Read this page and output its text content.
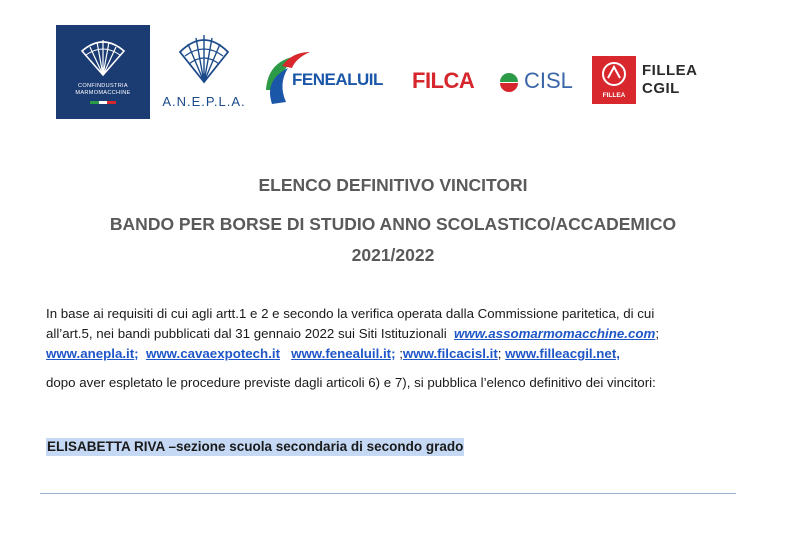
CONFINDUSTRIA
MARMOMACCHINE
A.N.E.P.L.A.
FENEALUIL FILCA CISL
FILLEA
FILLEA
CGIL
ELENCO DEFINITIVO VINCITORI
BANDO PER BORSE DI STUDIO ANNO SCOLASTICO/ACCADEMICO
2021/2022
In base ai requisiti di cui agli artt.1 e 2 e secondo la verifica operata dalla Commissione paritetica, di cui
all’art.5, nei bandi pubblicati dal 31 gennaio 2022 sui Siti Istituzionali www.assomarmomacchine.com;
www.anepla.it; www.cavaexpotech.it www.fenealuil.it; ;www.filcacisl.it; www.filleacgil.net,
dopo aver espletato le procedure previste dagli articoli 6) e 7), si pubblica l’elenco definitivo dei vincitori:
ELISABETTA RIVA –sezione scuola secondaria di secondo grado
